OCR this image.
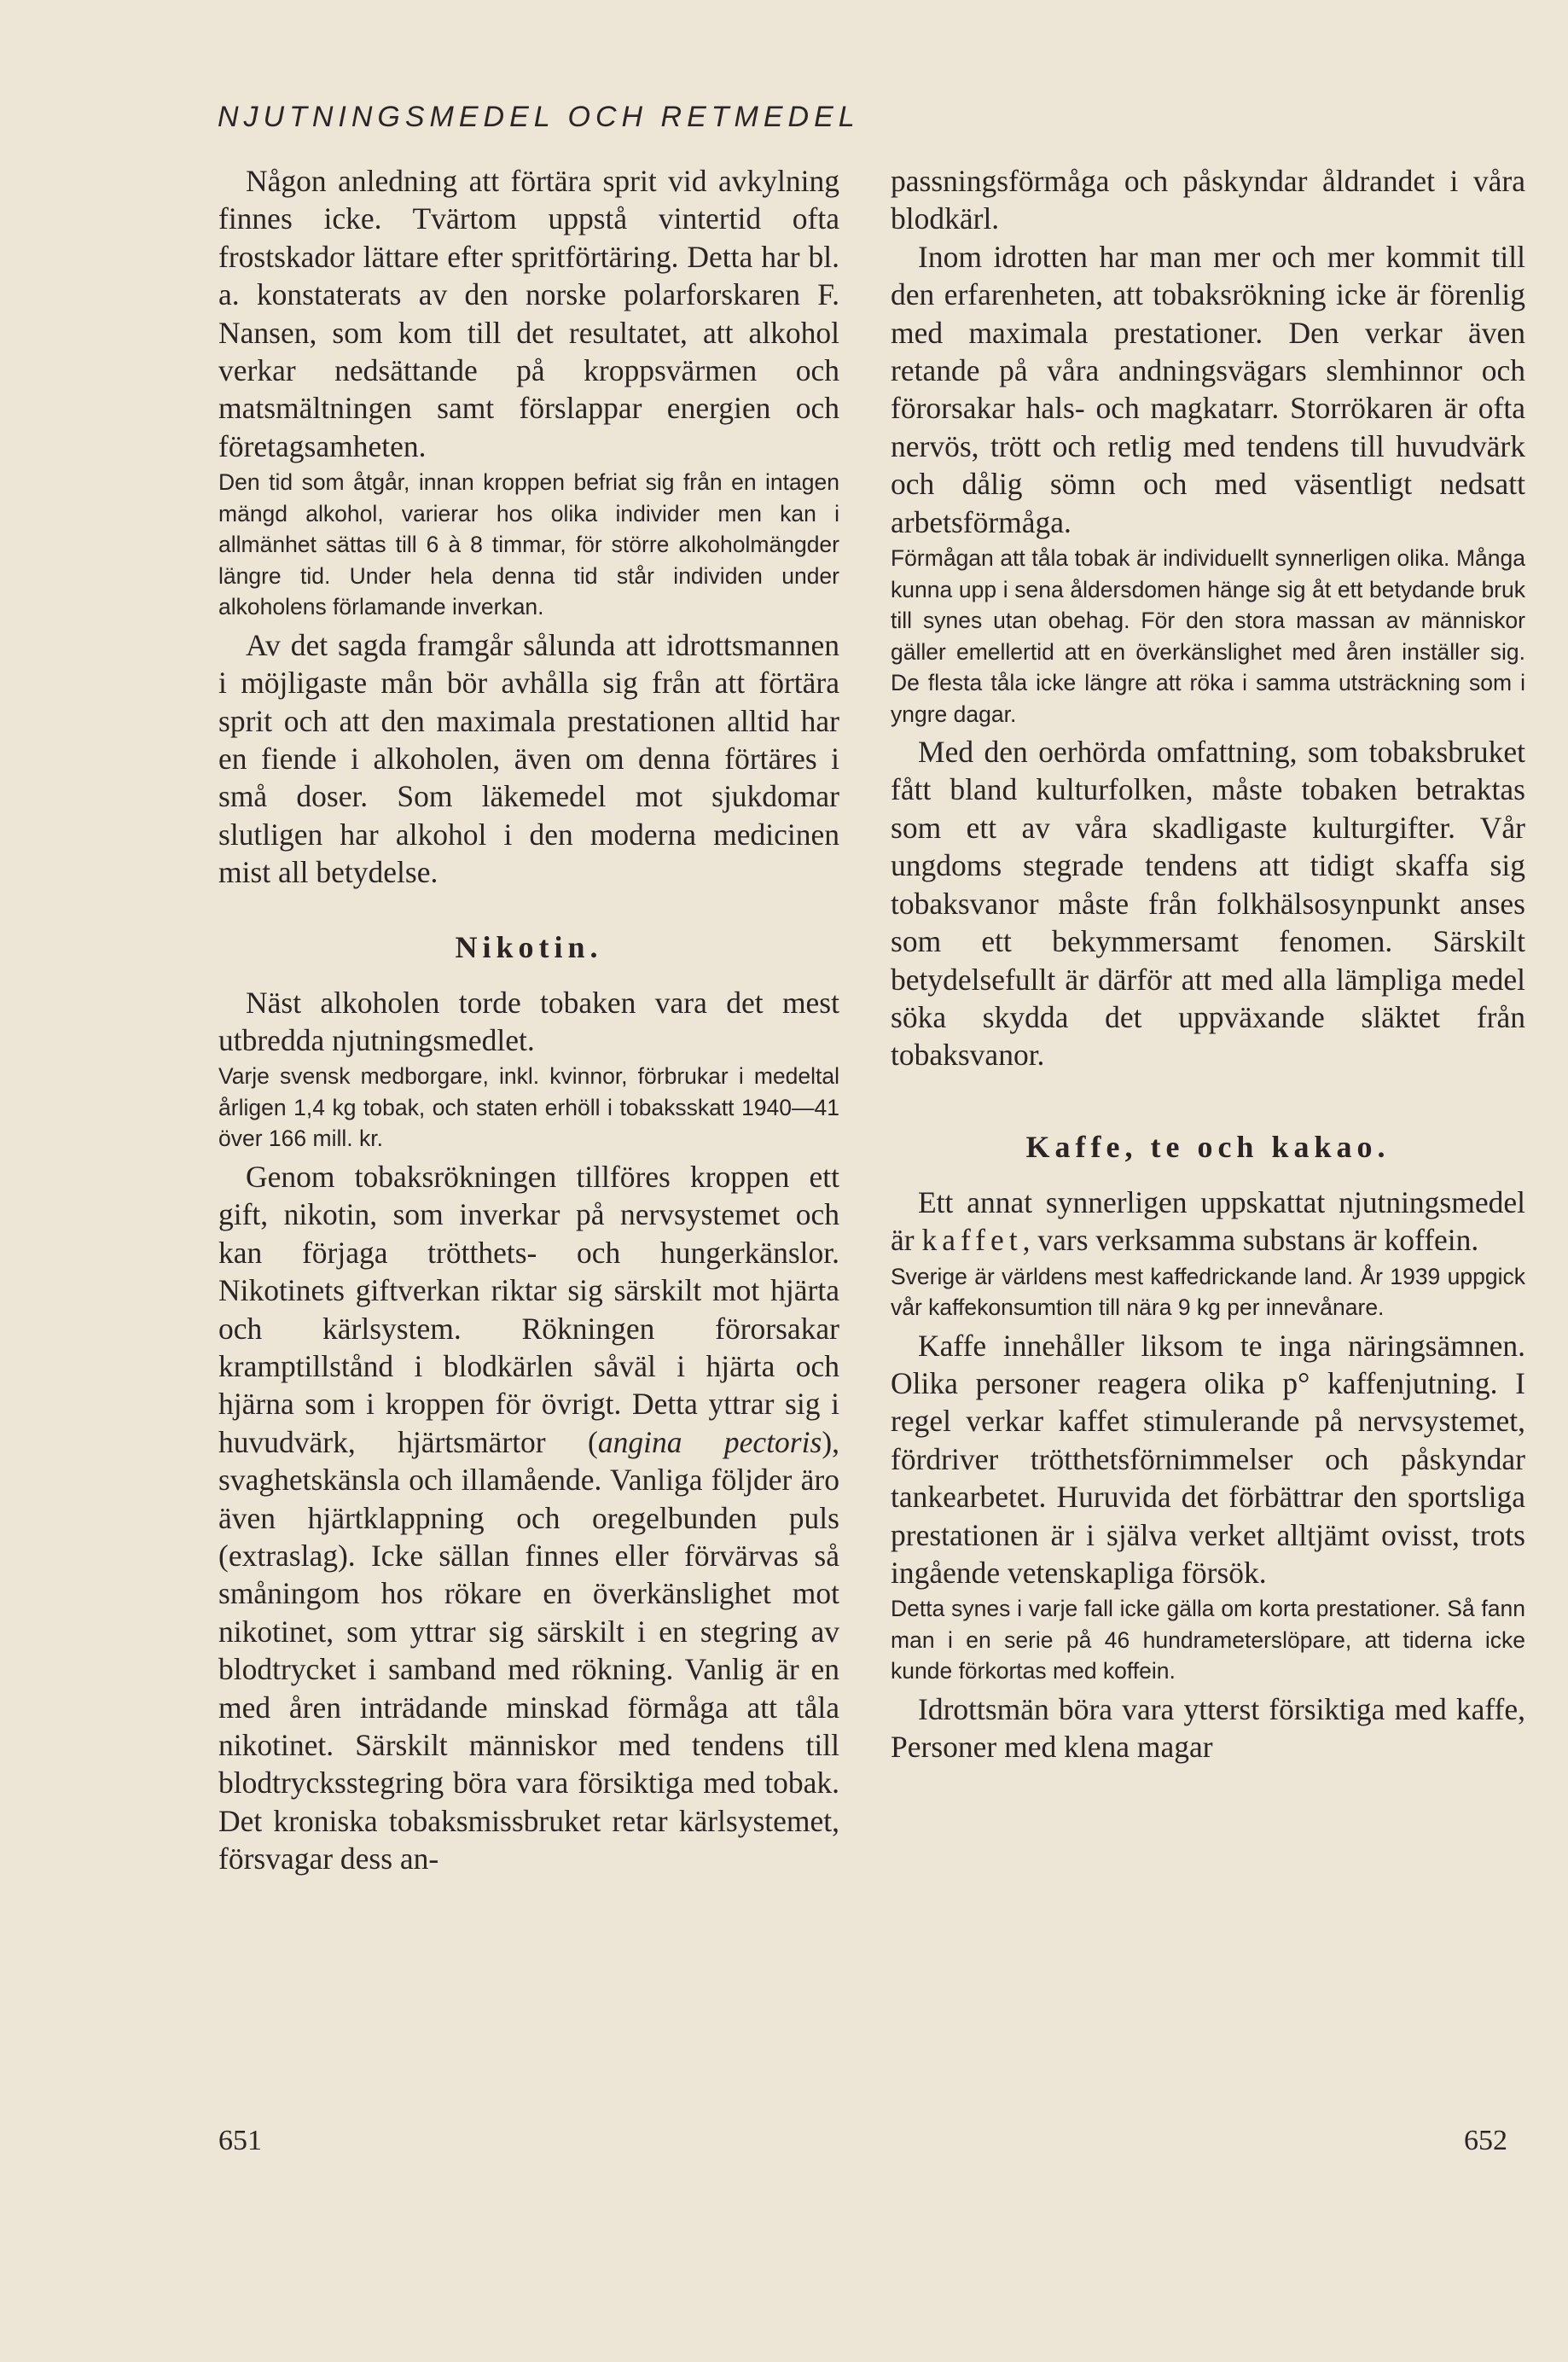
NJUTNINGSMEDEL OCH RETMEDEL

Någon anledning att förtära sprit vid avkylning finnes icke. Tvärtom uppstå vintertid ofta frostskador lättare efter spritförtäring. Detta har bl. a. konstaterats av den norske polarforskaren F. Nansen, som kom till det resultatet, att alkohol verkar nedsättande på kroppsvärmen och matsmältningen samt förslappar energien och företagsamheten.

Den tid som åtgår, innan kroppen befriat sig från en intagen mängd alkohol, varierar hos olika individer men kan i allmänhet sättas till 6 à 8 timmar, för större alkoholmängder längre tid. Under hela denna tid står individen under alkoholens förlamande inverkan.

Av det sagda framgår sålunda att idrottsmannen i möjligaste mån bör avhålla sig från att förtära sprit och att den maximala prestationen alltid har en fiende i alkoholen, även om denna förtäres i små doser. Som läkemedel mot sjukdomar slutligen har alkohol i den moderna medicinen mist all betydelse.

Nikotin.

Näst alkoholen torde tobaken vara det mest utbredda njutningsmedlet.

Varje svensk medborgare, inkl. kvinnor, förbrukar i medeltal årligen 1,4 kg tobak, och staten erhöll i tobaksskatt 1940—41 över 166 mill. kr.

Genom tobaksrökningen tillföres kroppen ett gift, nikotin, som inverkar på nervsystemet och kan förjaga trötthets- och hungerkänslor. Nikotinets giftverkan riktar sig särskilt mot hjärta och kärlsystem. Rökningen förorsakar kramptillstånd i blodkärlen såväl i hjärta och hjärna som i kroppen för övrigt. Detta yttrar sig i huvudvärk, hjärtsmärtor (angina pectoris), svaghetskänsla och illamående. Vanliga följder äro även hjärtklappning och oregelbunden puls (extraslag). Icke sällan finnes eller förvärvas så småningom hos rökare en överkänslighet mot nikotinet, som yttrar sig särskilt i en stegring av blodtrycket i samband med rökning. Vanlig är en med åren inträdande minskad förmåga att tåla nikotinet. Särskilt människor med tendens till blodtrycksstegring böra vara försiktiga med tobak. Det kroniska tobaksmissbruket retar kärlsystemet, försvagar dess an-

passningsförmåga och påskyndar åldrandet i våra blodkärl.

Inom idrotten har man mer och mer kommit till den erfarenheten, att tobaksrökning icke är förenlig med maximala prestationer. Den verkar även retande på våra andningsvägars slemhinnor och förorsakar hals- och magkatarr. Storrökaren är ofta nervös, trött och retlig med tendens till huvudvärk och dålig sömn och med väsentligt nedsatt arbetsförmåga.

Förmågan att tåla tobak är individuellt synnerligen olika. Många kunna upp i sena åldersdomen hänge sig åt ett betydande bruk till synes utan obehag. För den stora massan av människor gäller emellertid att en överkänslighet med åren inställer sig. De flesta tåla icke längre att röka i samma utsträckning som i yngre dagar.

Med den oerhörda omfattning, som tobaksbruket fått bland kulturfolken, måste tobaken betraktas som ett av våra skadligaste kulturgifter. Vår ungdoms stegrade tendens att tidigt skaffa sig tobaksvanor måste från folkhälsosynpunkt anses som ett bekymmersamt fenomen. Särskilt betydelsefullt är därför att med alla lämpliga medel söka skydda det uppväxande släktet från tobaksvanor.

Kaffe, te och kakao.

Ett annat synnerligen uppskattat njutningsmedel är kaffet, vars verksamma substans är koffein.

Sverige är världens mest kaffedrickande land. År 1939 uppgick vår kaffekonsumtion till nära 9 kg per innevånare.

Kaffe innehåller liksom te inga näringsämnen. Olika personer reagera olika p° kaffenjutning. I regel verkar kaffet stimulerande på nervsystemet, fördriver trötthetsförnimmelser och påskyndar tankearbetet. Huruvida det förbättrar den sportsliga prestationen är i själva verket alltjämt ovisst, trots ingående vetenskapliga försök.

Detta synes i varje fall icke gälla om korta prestationer. Så fann man i en serie på 46 hundrameterslöpare, att tiderna icke kunde förkortas med koffein.

Idrottsmän böra vara ytterst försiktiga med kaffe, Personer med klena magar

651	652
